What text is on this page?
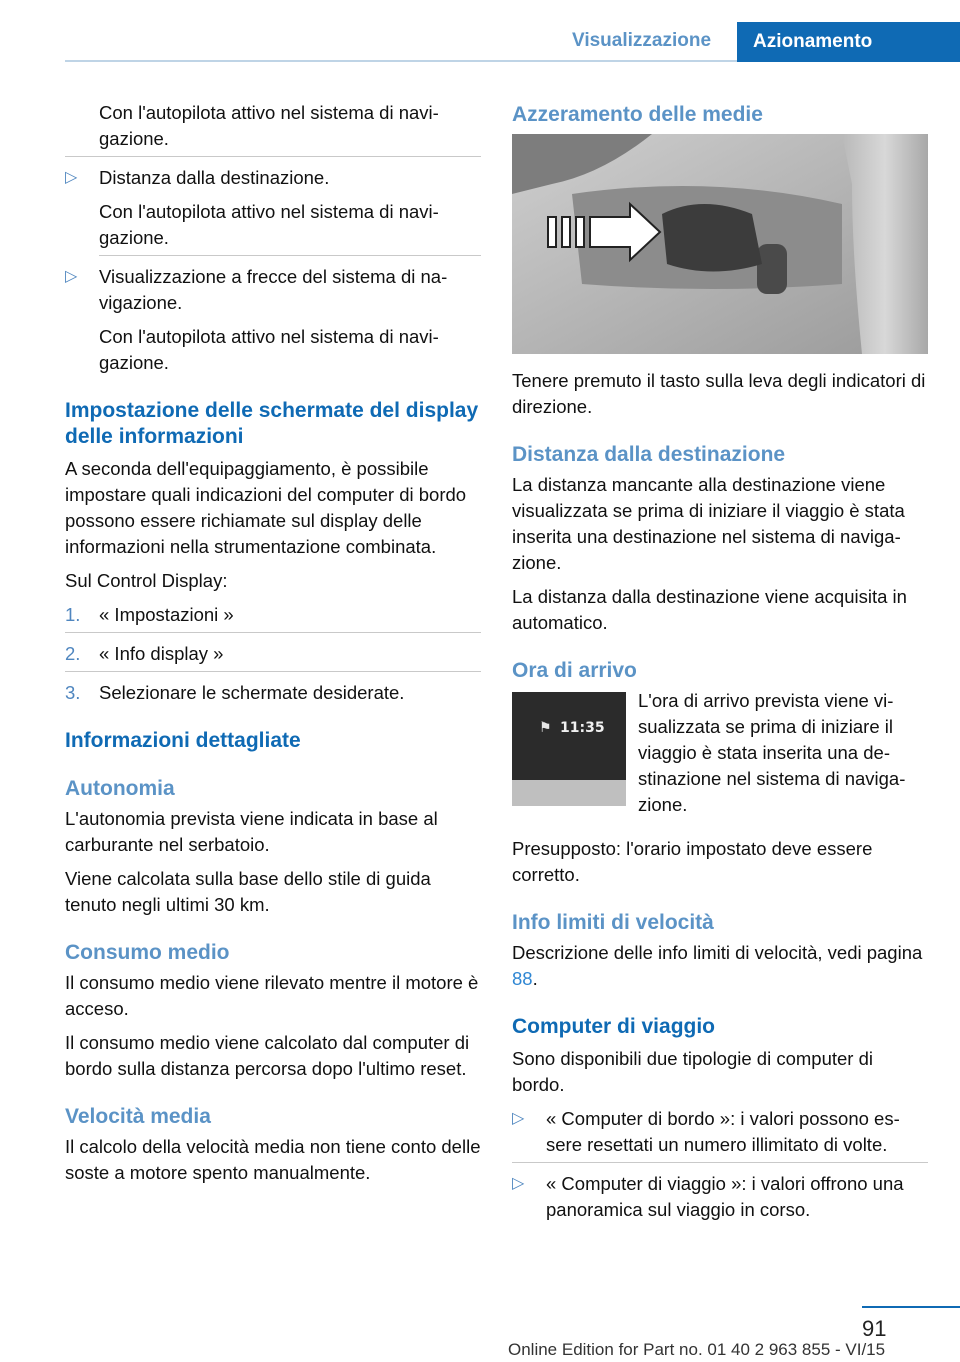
Visualizzazione	Azionamento

Con l'autopilota attivo nel sistema di navigazione.

▷ Distanza dalla destinazione.

Con l'autopilota attivo nel sistema di navigazione.

▷ Visualizzazione a frecce del sistema di navigazione.

Con l'autopilota attivo nel sistema di navigazione.

Impostazione delle schermate del display delle informazioni

A seconda dell'equipaggiamento, è possibile impostare quali indicazioni del computer di bordo possono essere richiamate sul display delle informazioni nella strumentazione combinata.

Sul Control Display:

1. « Impostazioni »
2. « Info display »
3. Selezionare le schermate desiderate.
Informazioni dettagliate
Autonomia

L'autonomia prevista viene indicata in base al carburante nel serbatoio.

Viene calcolata sulla base dello stile di guida tenuto negli ultimi 30 km.

Consumo medio

Il consumo medio viene rilevato mentre il motore è acceso.

Il consumo medio viene calcolato dal computer di bordo sulla distanza percorsa dopo l'ultimo reset.

Velocità media

Il calcolo della velocità media non tiene conto delle soste a motore spento manualmente.

Azzeramento delle medie

Tenere premuto il tasto sulla leva degli indicatori di direzione.

Distanza dalla destinazione

La distanza mancante alla destinazione viene visualizzata se prima di iniziare il viaggio è stata inserita una destinazione nel sistema di navigazione.

La distanza dalla destinazione viene acquisita in automatico.

Ora di arrivo
⚑ 11:35

L'ora di arrivo prevista viene visualizzata se prima di iniziare il viaggio è stata inserita una destinazione nel sistema di navigazione.

Presupposto: l'orario impostato deve essere corretto.

Info limiti di velocità

Descrizione delle info limiti di velocità, vedi pagina 88.

Computer di viaggio

Sono disponibili due tipologie di computer di bordo.

▷ « Computer di bordo »: i valori possono essere resettati un numero illimitato di volte.
▷ « Computer di viaggio »: i valori offrono una panoramica sul viaggio in corso.
91
Online Edition for Part no. 01 40 2 963 855 - VI/15
